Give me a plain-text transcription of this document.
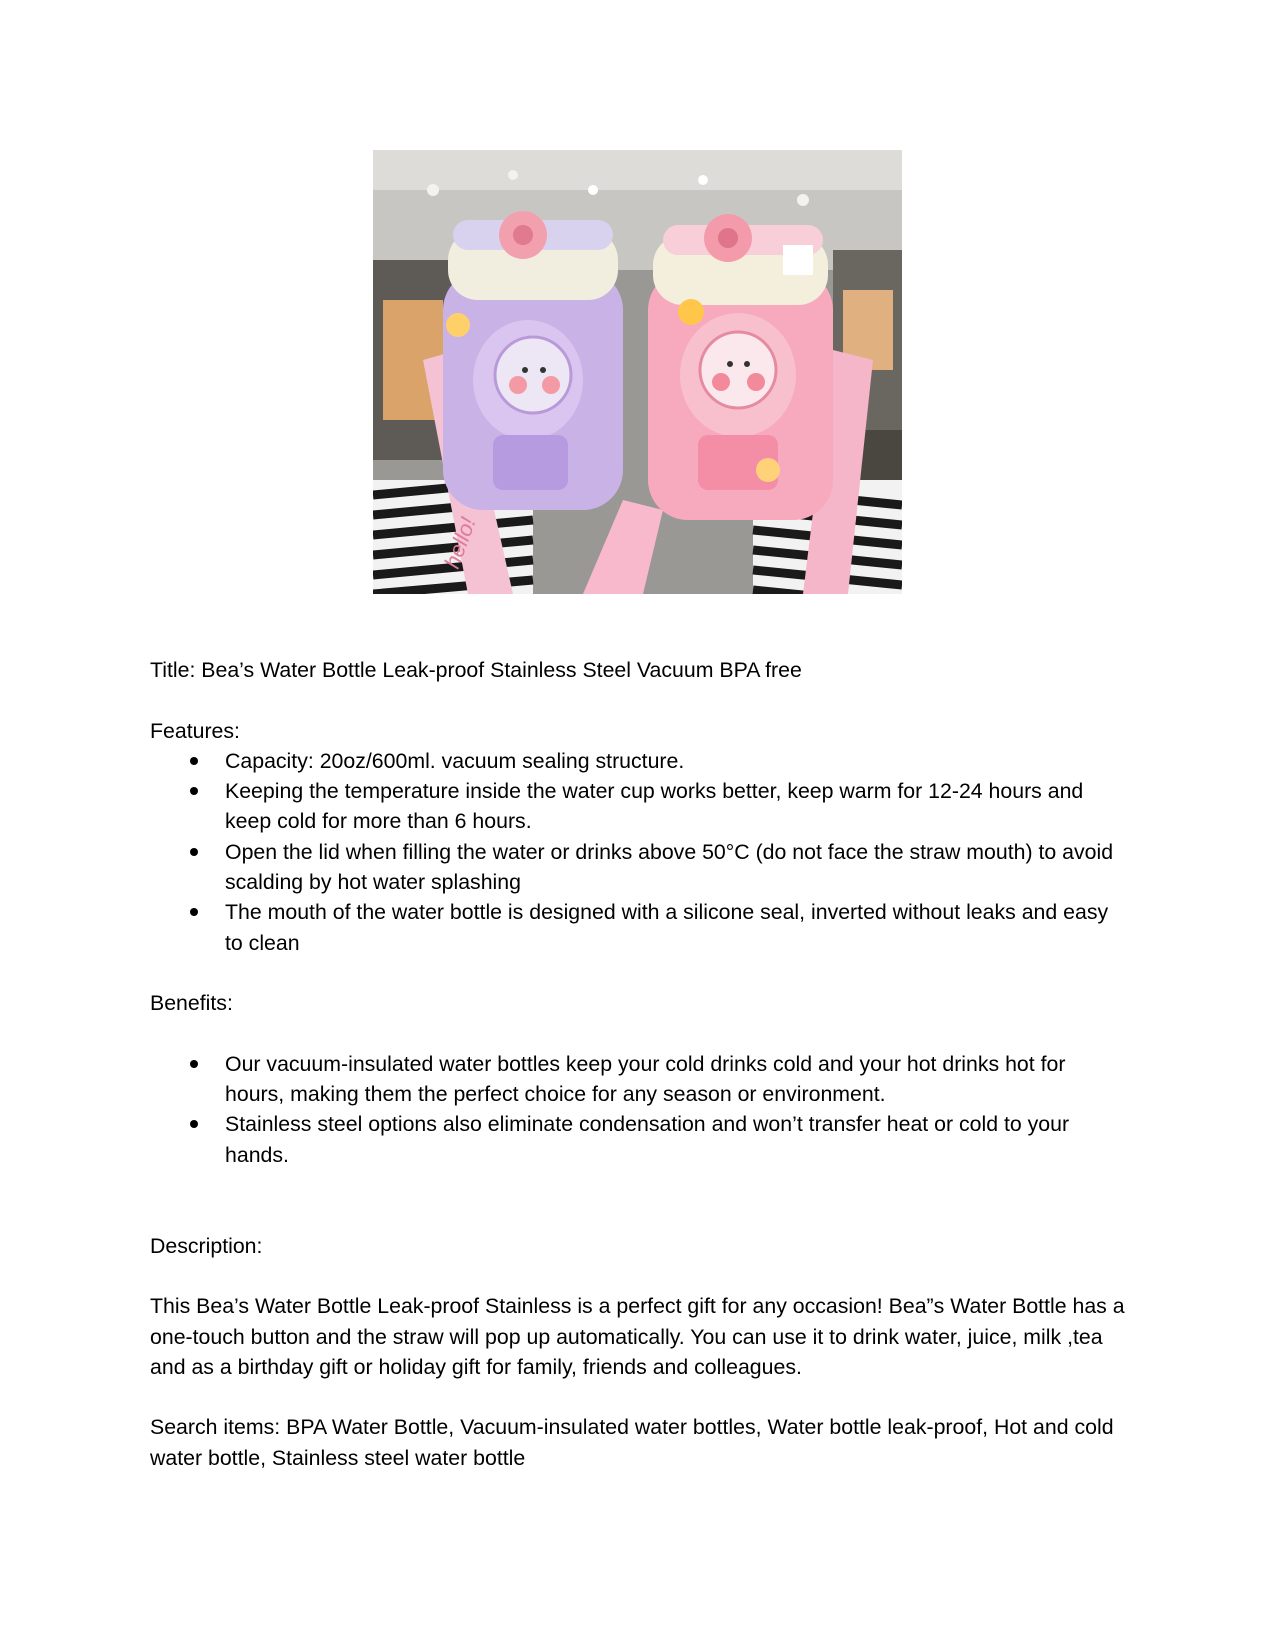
hello!

Title: Bea’s Water Bottle Leak-proof Stainless Steel Vacuum BPA free

Features:

Capacity: 20oz/600ml. vacuum sealing structure.
Keeping the temperature inside the water cup works better, keep warm for 12-24 hours and keep cold for more than 6 hours.
Open the lid when filling the water or drinks above 50°C (do not face the straw mouth) to avoid scalding by hot water splashing
The mouth of the water bottle is designed with a silicone seal, inverted without leaks and easy to clean

Benefits:

Our vacuum-insulated water bottles keep your cold drinks cold and your hot drinks hot for hours, making them the perfect choice for any season or environment.
Stainless steel options also eliminate condensation and won’t transfer heat or cold to your hands.

Description:

This Bea’s Water Bottle Leak-proof Stainless is a perfect gift for any occasion! Bea”s Water Bottle has a one-touch button and the straw will pop up automatically. You can use it to drink water, juice, milk ,tea and as a birthday gift or holiday gift for family, friends and colleagues.

Search items: BPA Water Bottle, Vacuum-insulated water bottles, Water bottle leak-proof, Hot and cold water bottle, Stainless steel water bottle
